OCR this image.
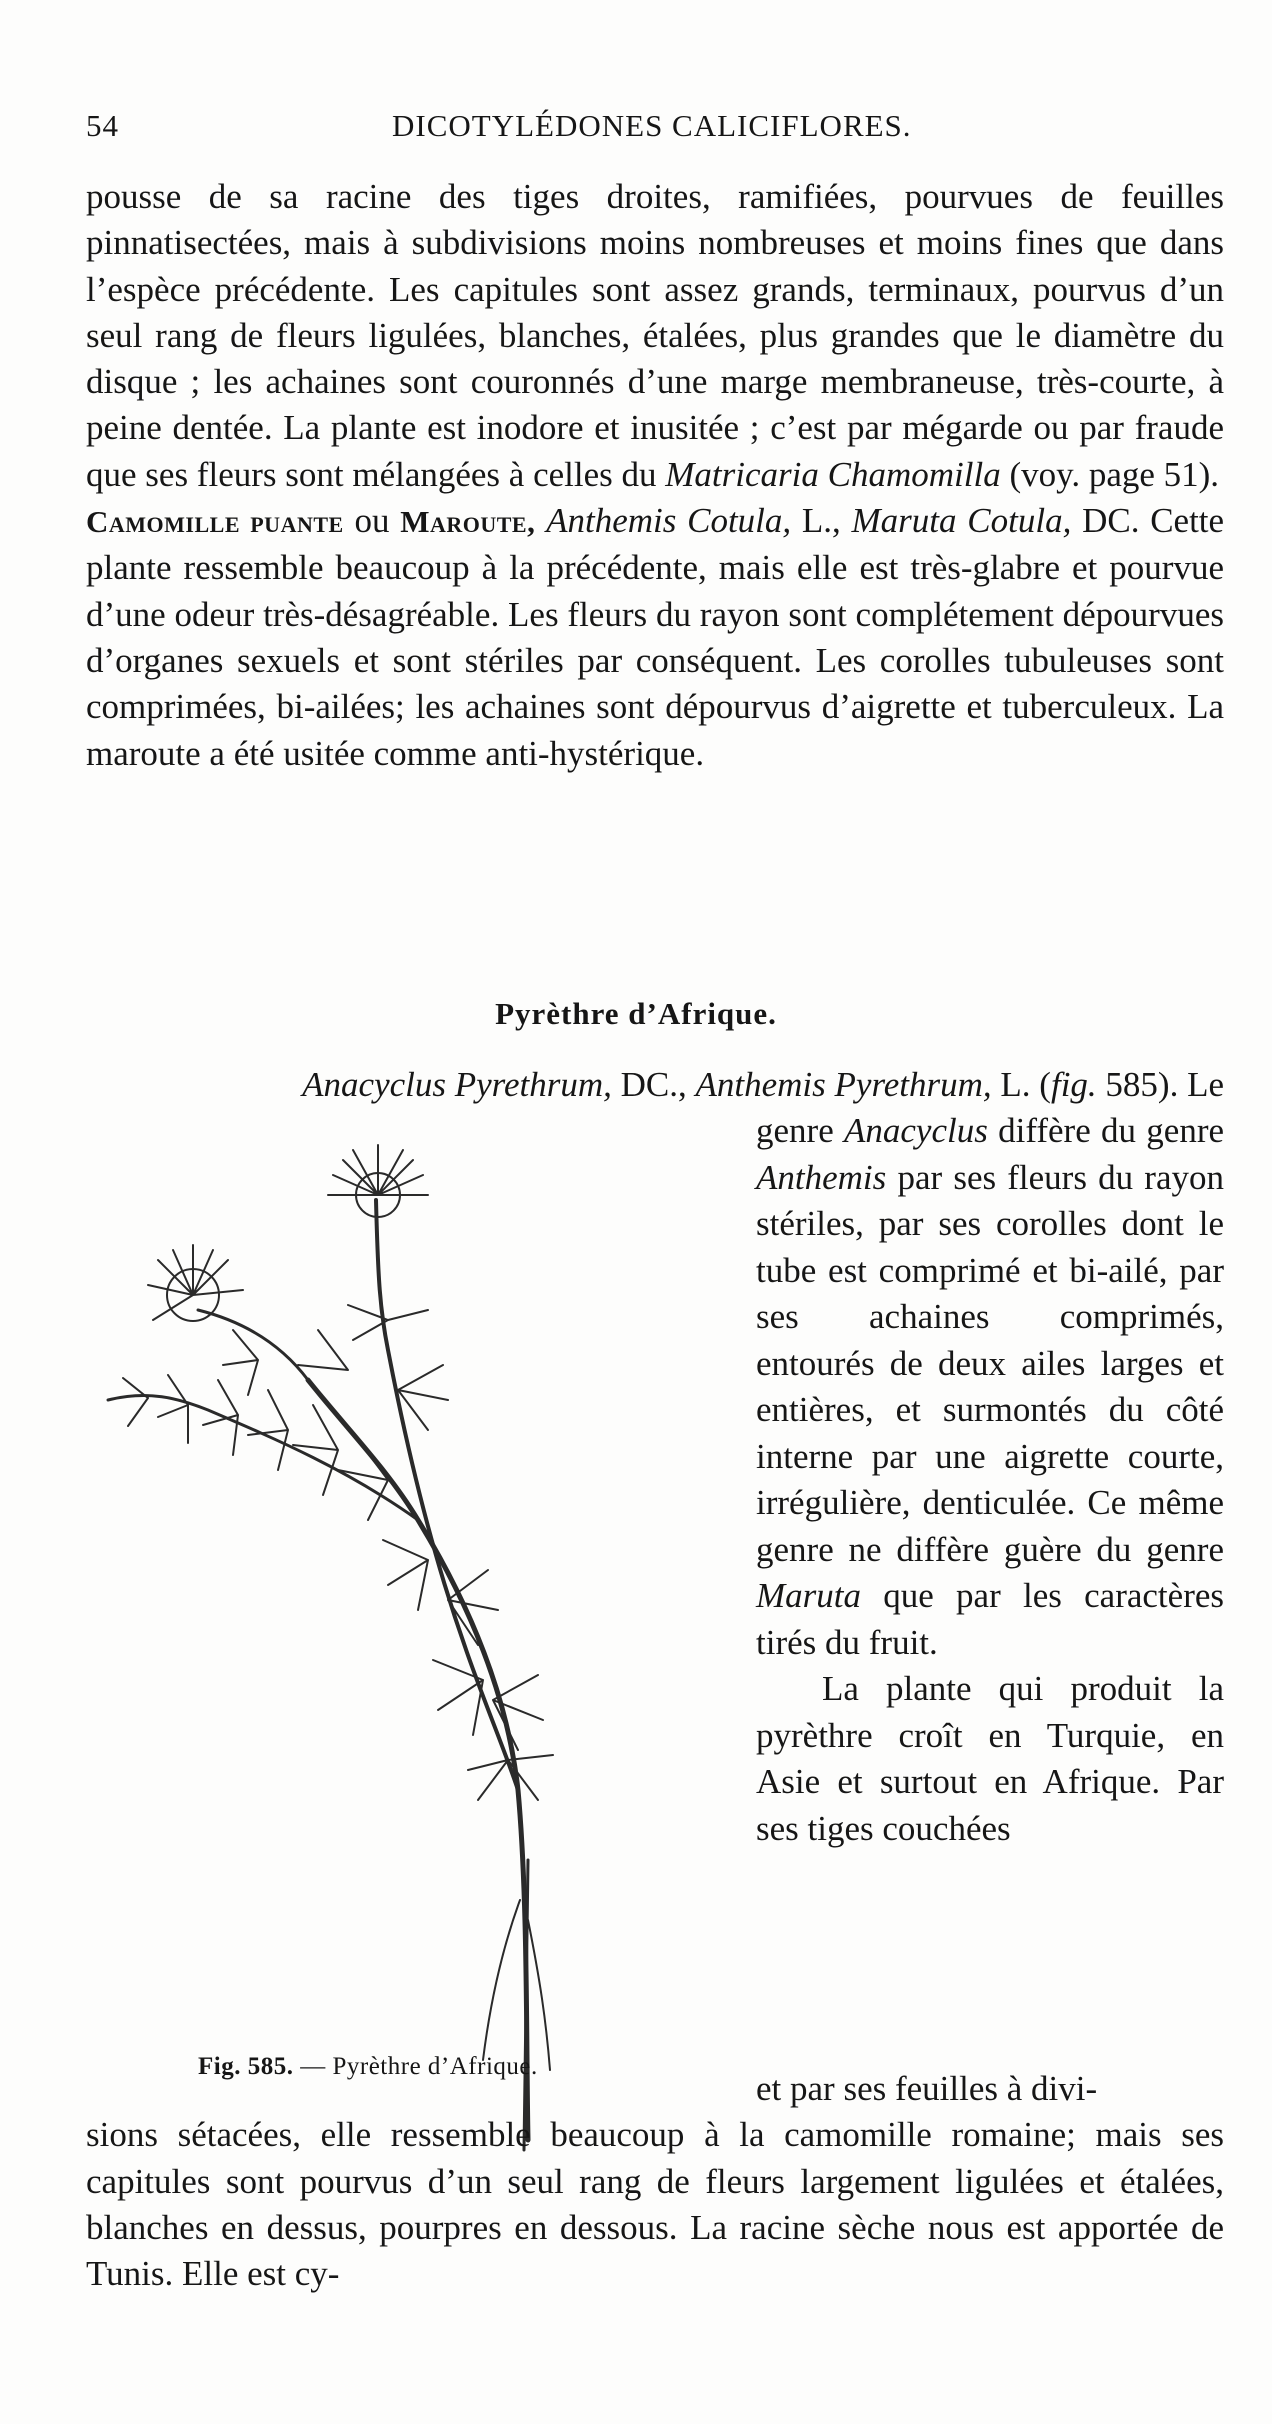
54	DICOTYLÉDONES CALICIFLORES.

pousse de sa racine des tiges droites, ramifiées, pourvues de feuilles pinnatisectées, mais à subdivisions moins nombreuses et moins fines que dans l’espèce précédente. Les capitules sont assez grands, terminaux, pourvus d’un seul rang de fleurs ligulées, blanches, étalées, plus grandes que le diamètre du disque ; les achaines sont couronnés d’une marge membraneuse, très-courte, à peine dentée. La plante est inodore et inusitée ; c’est par mégarde ou par fraude que ses fleurs sont mélangées à celles du Matricaria Chamomilla (voy. page 51).

Camomille puante ou Maroute, Anthemis Cotula, L., Maruta Cotula, DC. Cette plante ressemble beaucoup à la précédente, mais elle est très-glabre et pourvue d’une odeur très-désagréable. Les fleurs du rayon sont complétement dépourvues d’organes sexuels et sont stériles par conséquent. Les corolles tubuleuses sont comprimées, bi-ailées; les achaines sont dépourvus d’aigrette et tuberculeux. La maroute a été usitée comme anti-hystérique.

Pyrèthre d’Afrique.
Anacyclus Pyrethrum, DC., Anthemis Pyrethrum, L. (fig. 585). Le

genre Anacyclus diffère du genre Anthemis par ses fleurs du rayon stériles, par ses corolles dont le tube est comprimé et bi-ailé, par ses achaines comprimés, entourés de deux ailes larges et entières, et surmontés du côté interne par une aigrette courte, irrégulière, denticulée. Ce même genre ne diffère guère du genre Maruta que par les caractères tirés du fruit.

La plante qui produit la pyrèthre croît en Turquie, en Asie et surtout en Afrique. Par ses tiges couchées

Fig. 585. — Pyrèthre d’Afrique.

et par ses feuilles à divi-

sions sétacées, elle ressemble beaucoup à la camomille romaine; mais ses capitules sont pourvus d’un seul rang de fleurs largement ligulées et étalées, blanches en dessus, pourpres en dessous. La racine sèche nous est apportée de Tunis. Elle est cy-
